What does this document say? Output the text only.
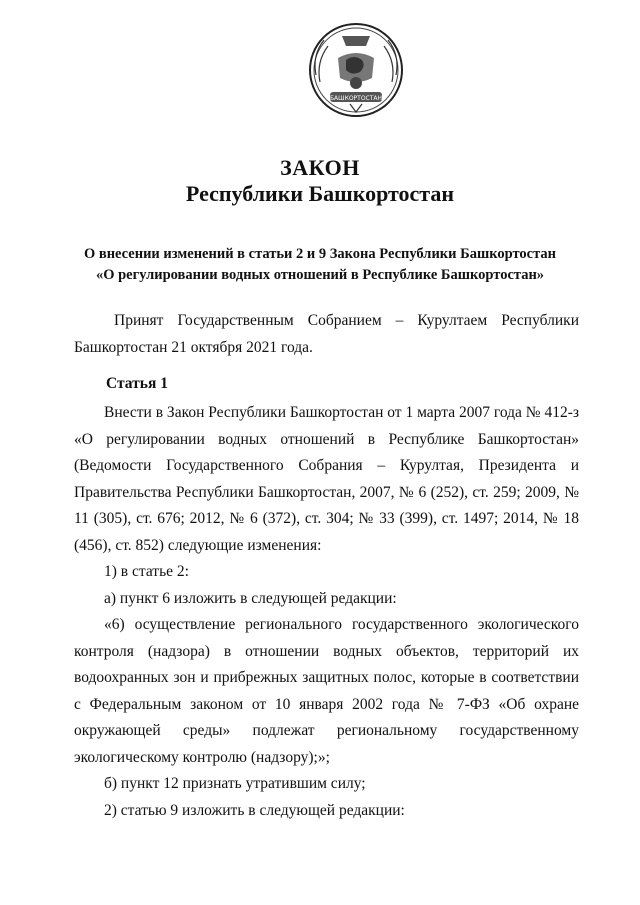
БАШКОРТОСТАН
ЗАКОН
Республики Башкортостан
О внесении изменений в статьи 2 и 9 Закона Республики Башкортостан
«О регулировании водных отношений в Республике Башкортостан»

Принят Государственным Собранием – Курултаем Республики Башкортостан 21 октября 2021 года.

Статья 1

Внести в Закон Республики Башкортостан от 1 марта 2007 года № 412-з «О регулировании водных отношений в Республике Башкортостан» (Ведомости Государственного Собрания – Курултая, Президента и Правительства Республики Башкортостан, 2007, № 6 (252), ст. 259; 2009, № 11 (305), ст. 676; 2012, № 6 (372), ст. 304; № 33 (399), ст. 1497; 2014, № 18 (456), ст. 852) следующие изменения:

1) в статье 2:

а) пункт 6 изложить в следующей редакции:

«6) осуществление регионального государственного экологического контроля (надзора) в отношении водных объектов, территорий их водоохранных зон и прибрежных защитных полос, которые в соответствии с Федеральным законом от 10 января 2002 года № 7-ФЗ «Об охране окружающей среды» подлежат региональному государственному экологическому контролю (надзору);»;

б) пункт 12 признать утратившим силу;

2) статью 9 изложить в следующей редакции:
